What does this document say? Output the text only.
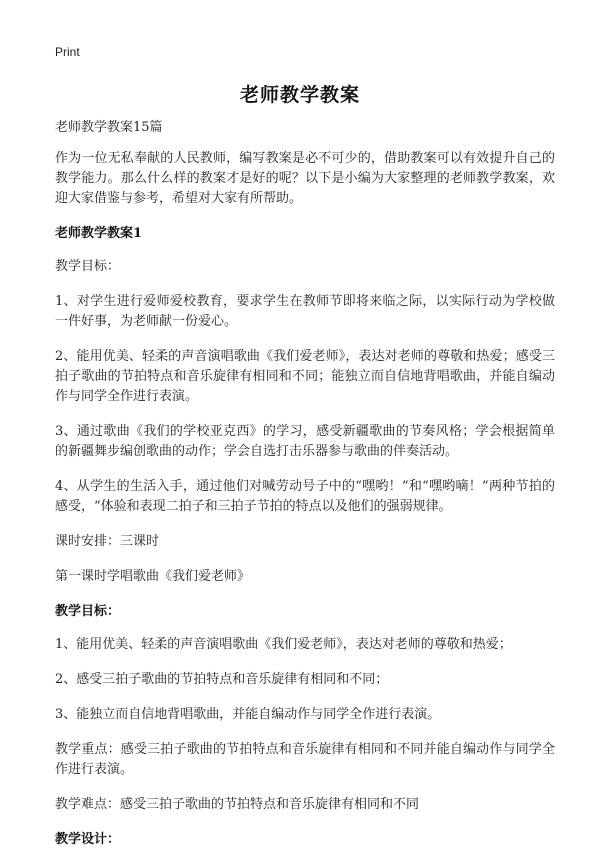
Print
老师教学教案

老师教学教案15篇

作为一位无私奉献的人民教师，编写教案是必不可少的，借助教案可以有效提升自己的教学能力。那么什么样的教案才是好的呢？以下是小编为大家整理的老师教学教案，欢迎大家借鉴与参考，希望对大家有所帮助。

老师教学教案1

教学目标：

1、对学生进行爱师爱校教育，要求学生在教师节即将来临之际，以实际行动为学校做一件好事，为老师献一份爱心。

2、能用优美、轻柔的声音演唱歌曲《我们爱老师》，表达对老师的尊敬和热爱；感受三拍子歌曲的节拍特点和音乐旋律有相同和不同；能独立而自信地背唱歌曲，并能自编动作与同学全作进行表演。

3、通过歌曲《我们的学校亚克西》的学习，感受新疆歌曲的节奏风格；学会根据简单的新疆舞步编创歌曲的动作；学会自选打击乐器参与歌曲的伴奏活动。

4、从学生的生活入手，通过他们对喊劳动号子中的“嘿哟！”和“嘿哟嘀！”两种节拍的感受，“体验和表现二拍子和三拍子节拍的特点以及他们的强弱规律。

课时安排：三课时

第一课时学唱歌曲《我们爱老师》

教学目标：

1、能用优美、轻柔的声音演唱歌曲《我们爱老师》，表达对老师的尊敬和热爱；

2、感受三拍子歌曲的节拍特点和音乐旋律有相同和不同；

3、能独立而自信地背唱歌曲，并能自编动作与同学全作进行表演。

教学重点：感受三拍子歌曲的节拍特点和音乐旋律有相同和不同并能自编动作与同学全作进行表演。

教学难点：感受三拍子歌曲的节拍特点和音乐旋律有相同和不同

教学设计：
